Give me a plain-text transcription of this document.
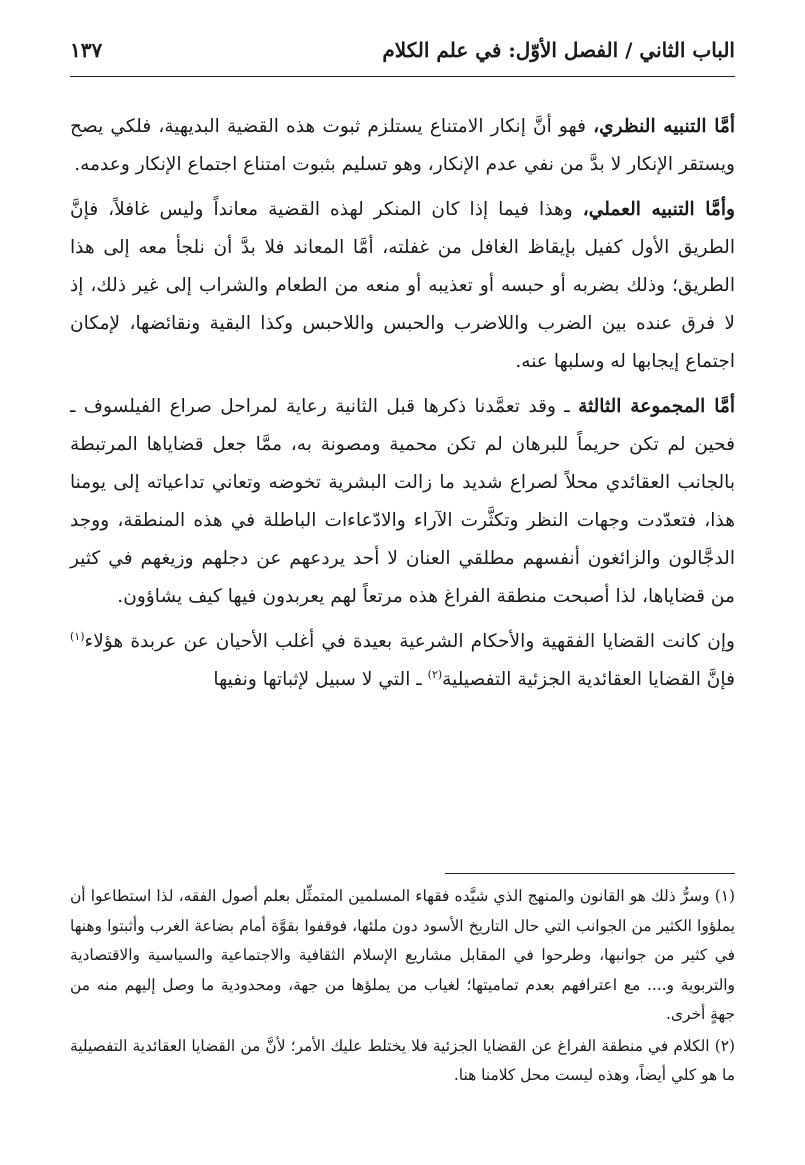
الباب الثاني / الفصل الأوّل: في علم الكلام
١٣٧

أمَّا التنبيه النظري، فهو أنَّ إنكار الامتناع يستلزم ثبوت هذه القضية البديهية، فلكي يصح ويستقر الإنكار لا بدَّ من نفي عدم الإنكار، وهو تسليم بثبوت امتناع اجتماع الإنكار وعدمه.

وأمَّا التنبيه العملي، وهذا فيما إذا كان المنكر لهذه القضية معانداً وليس غافلاً، فإنَّ الطريق الأول كفيل بإيقاظ الغافل من غفلته، أمَّا المعاند فلا بدَّ أن نلجأ معه إلى هذا الطريق؛ وذلك بضربه أو حبسه أو تعذيبه أو منعه من الطعام والشراب إلى غير ذلك، إذ لا فرق عنده بين الضرب واللاضرب والحبس واللاحبس وكذا البقية ونقائضها، لإمكان اجتماع إيجابها له وسلبها عنه.

أمَّا المجموعة الثالثة ـ وقد تعمَّدنا ذكرها قبل الثانية رعاية لمراحل صراع الفيلسوف ـ فحين لم تكن حريماً للبرهان لم تكن محمية ومصونة به، ممَّا جعل قضاياها المرتبطة بالجانب العقائدي محلاً لصراع شديد ما زالت البشرية تخوضه وتعاني تداعياته إلى يومنا هذا، فتعدّدت وجهات النظر وتكثَّرت الآراء والادّعاءات الباطلة في هذه المنطقة، ووجد الدجَّالون والزائغون أنفسهم مطلقي العنان لا أحد يردعهم عن دجلهم وزيغهم في كثير من قضاياها، لذا أصبحت منطقة الفراغ هذه مرتعاً لهم يعربدون فيها كيف يشاؤون.

وإن كانت القضايا الفقهية والأحكام الشرعية بعيدة في أغلب الأحيان عن عربدة هؤلاء$^{(١)}$ فإنَّ القضايا العقائدية الجزئية التفصيلية$^{(٢)}$ ـ التي لا سبيل لإثباتها ونفيها

(١) وسرُّ ذلك هو القانون والمنهج الذي شيَّده فقهاء المسلمين المتمثِّل بعلم أصول الفقه، لذا استطاعوا أن يملؤوا الكثير من الجوانب التي حال التاريخ الأسود دون ملئها، فوقفوا بقوَّة أمام بضاعة الغرب وأثبتوا وهنها في كثير من جوانبها، وطرحوا في المقابل مشاريع الإسلام الثقافية والاجتماعية والسياسية والاقتصادية والتربوية و.... مع اعترافهم بعدم تماميتها؛ لغياب من يملؤها من جهة، ومحدودية ما وصل إليهم منه من جهةٍ أخرى.

(٢) الكلام في منطقة الفراغ عن القضايا الجزئية فلا يختلط عليك الأمر؛ لأنَّ من القضايا العقائدية التفصيلية ما هو كلي أيضاً، وهذه ليست محل كلامنا هنا.
